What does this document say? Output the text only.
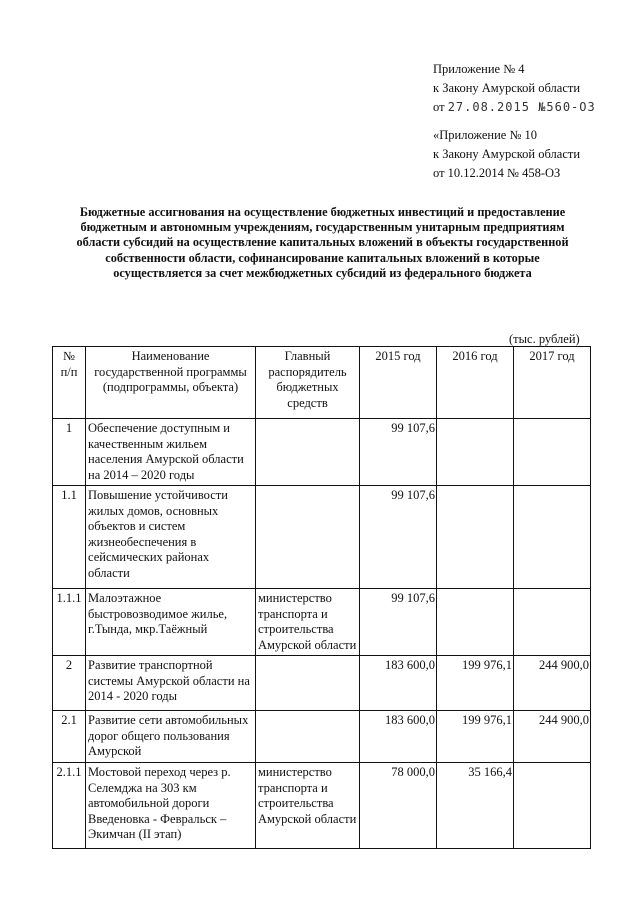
Приложение № 4
к Закону Амурской области
от 27.08.2015 №560-ОЗ
«Приложение № 10
к Закону Амурской области
от 10.12.2014 № 458-ОЗ
Бюджетные ассигнования на осуществление бюджетных инвестиций и предоставление
бюджетным и автономным учреждениям, государственным унитарным предприятиям
области субсидий на осуществление капитальных вложений в объекты государственной
собственности области, софинансирование капитальных вложений в которые
осуществляется за счет межбюджетных субсидий из федерального бюджета
(тыс. рублей)
№
п/п	Наименование
государственной программы
(подпрограммы, объекта)	Главный
распорядитель
бюджетных
средств	2015 год	2016 год	2017 год
1	Обеспечение доступным и качественным жильем населения Амурской области на 2014 – 2020 годы		99 107,6		
1.1	Повышение устойчивости жилых домов, основных объектов и систем жизнеобеспечения в сейсмических районах области		99 107,6		
1.1.1	Малоэтажное быстровозводимое жилье, г.Тында, мкр.Таёжный	министерство транспорта и строительства Амурской области	99 107,6		
2	Развитие транспортной системы Амурской области на 2014 - 2020 годы		183 600,0	199 976,1	244 900,0
2.1	Развитие сети автомобильных дорог общего пользования Амурской		183 600,0	199 976,1	244 900,0
2.1.1	Мостовой переход через р. Селемджа на 303 км автомобильной дороги Введеновка - Февральск – Экимчан (II этап)	министерство транспорта и строительства Амурской области	78 000,0	35 166,4	
